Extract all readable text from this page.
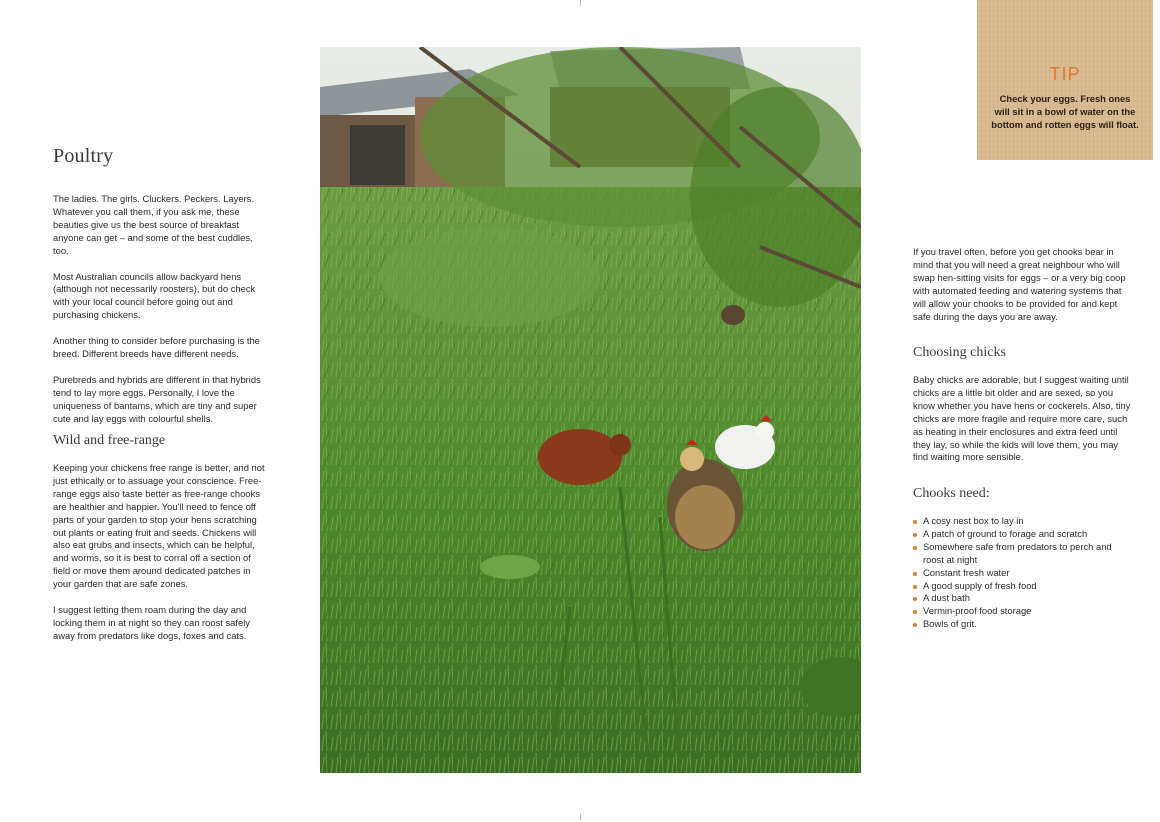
Poultry

The ladies. The girls. Cluckers. Peckers. Layers. Whatever you call them, if you ask me, these beauties give us the best source of breakfast anyone can get – and some of the best cuddles, too.

Most Australian councils allow backyard hens (although not necessarily roosters), but do check with your local council before going out and purchasing chickens.

Another thing to consider before purchasing is the breed. Different breeds have different needs.

Purebreds and hybrids are different in that hybrids tend to lay more eggs. Personally, I love the uniqueness of bantams, which are tiny and super cute and lay eggs with colourful shells.

Wild and free-range

Keeping your chickens free range is better, and not just ethically or to assuage your conscience. Free-range eggs also taste better as free-range chooks are healthier and happier. You'll need to fence off parts of your garden to stop your hens scratching out plants or eating fruit and seeds. Chickens will also eat grubs and insects, which can be helpful, and worms, so it is best to corral off a section of field or move them around dedicated patches in your garden that are safe zones.

I suggest letting them roam during the day and locking them in at night so they can roost safely away from predators like dogs, foxes and cats.

TIP
Check your eggs. Fresh ones will sit in a bowl of water on the bottom and rotten eggs will float.

If you travel often, before you get chooks bear in mind that you will need a great neighbour who will swap hen-sitting visits for eggs – or a very big coop with automated feeding and watering systems that will allow your chooks to be provided for and kept safe during the days you are away.

Choosing chicks

Baby chicks are adorable, but I suggest waiting until chicks are a little bit older and are sexed, so you know whether you have hens or cockerels. Also, tiny chicks are more fragile and require more care, such as heating in their enclosures and extra feed until they lay, so while the kids will love them, you may find waiting more sensible.

Chooks need:
A cosy nest box to lay in
A patch of ground to forage and scratch
Somewhere safe from predators to perch and roost at night
Constant fresh water
A good supply of fresh food
A dust bath
Vermin-proof food storage
Bowls of grit.
